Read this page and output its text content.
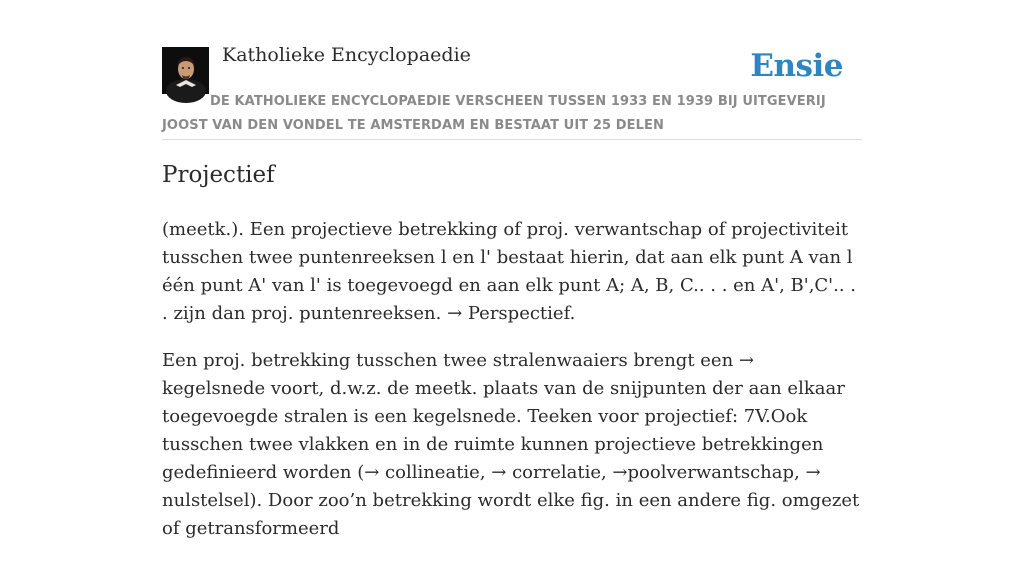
Katholieke Encyclopaedie	Ensie
DE KATHOLIEKE ENCYCLOPAEDIE VERSCHEEN TUSSEN 1933 EN 1939 BIJ UITGEVERIJ JOOST VAN DEN VONDEL TE AMSTERDAM EN BESTAAT UIT 25 DELEN
Projectief

(meetk.). Een projectieve betrekking of proj. verwantschap of projectiviteit tusschen twee puntenreeksen l en l' bestaat hierin, dat aan elk punt A van l één punt A' van l' is toegevoegd en aan elk punt A; A, B, C.. . . en A', B',C'.. . . zijn dan proj. puntenreeksen. → Perspectief.

Een proj. betrekking tusschen twee stralenwaaiers brengt een → kegelsnede voort, d.w.z. de meetk. plaats van de snijpunten der aan elkaar toegevoegde stralen is een kegelsnede. Teeken voor projectief: 7V.Ook tusschen twee vlakken en in de ruimte kunnen projectieve betrekkingen gedefinieerd worden (→ collineatie, → correlatie, →poolverwantschap, → nulstelsel). Door zoo’n betrekking wordt elke fig. in een andere fig. omgezet of getransformeerd
